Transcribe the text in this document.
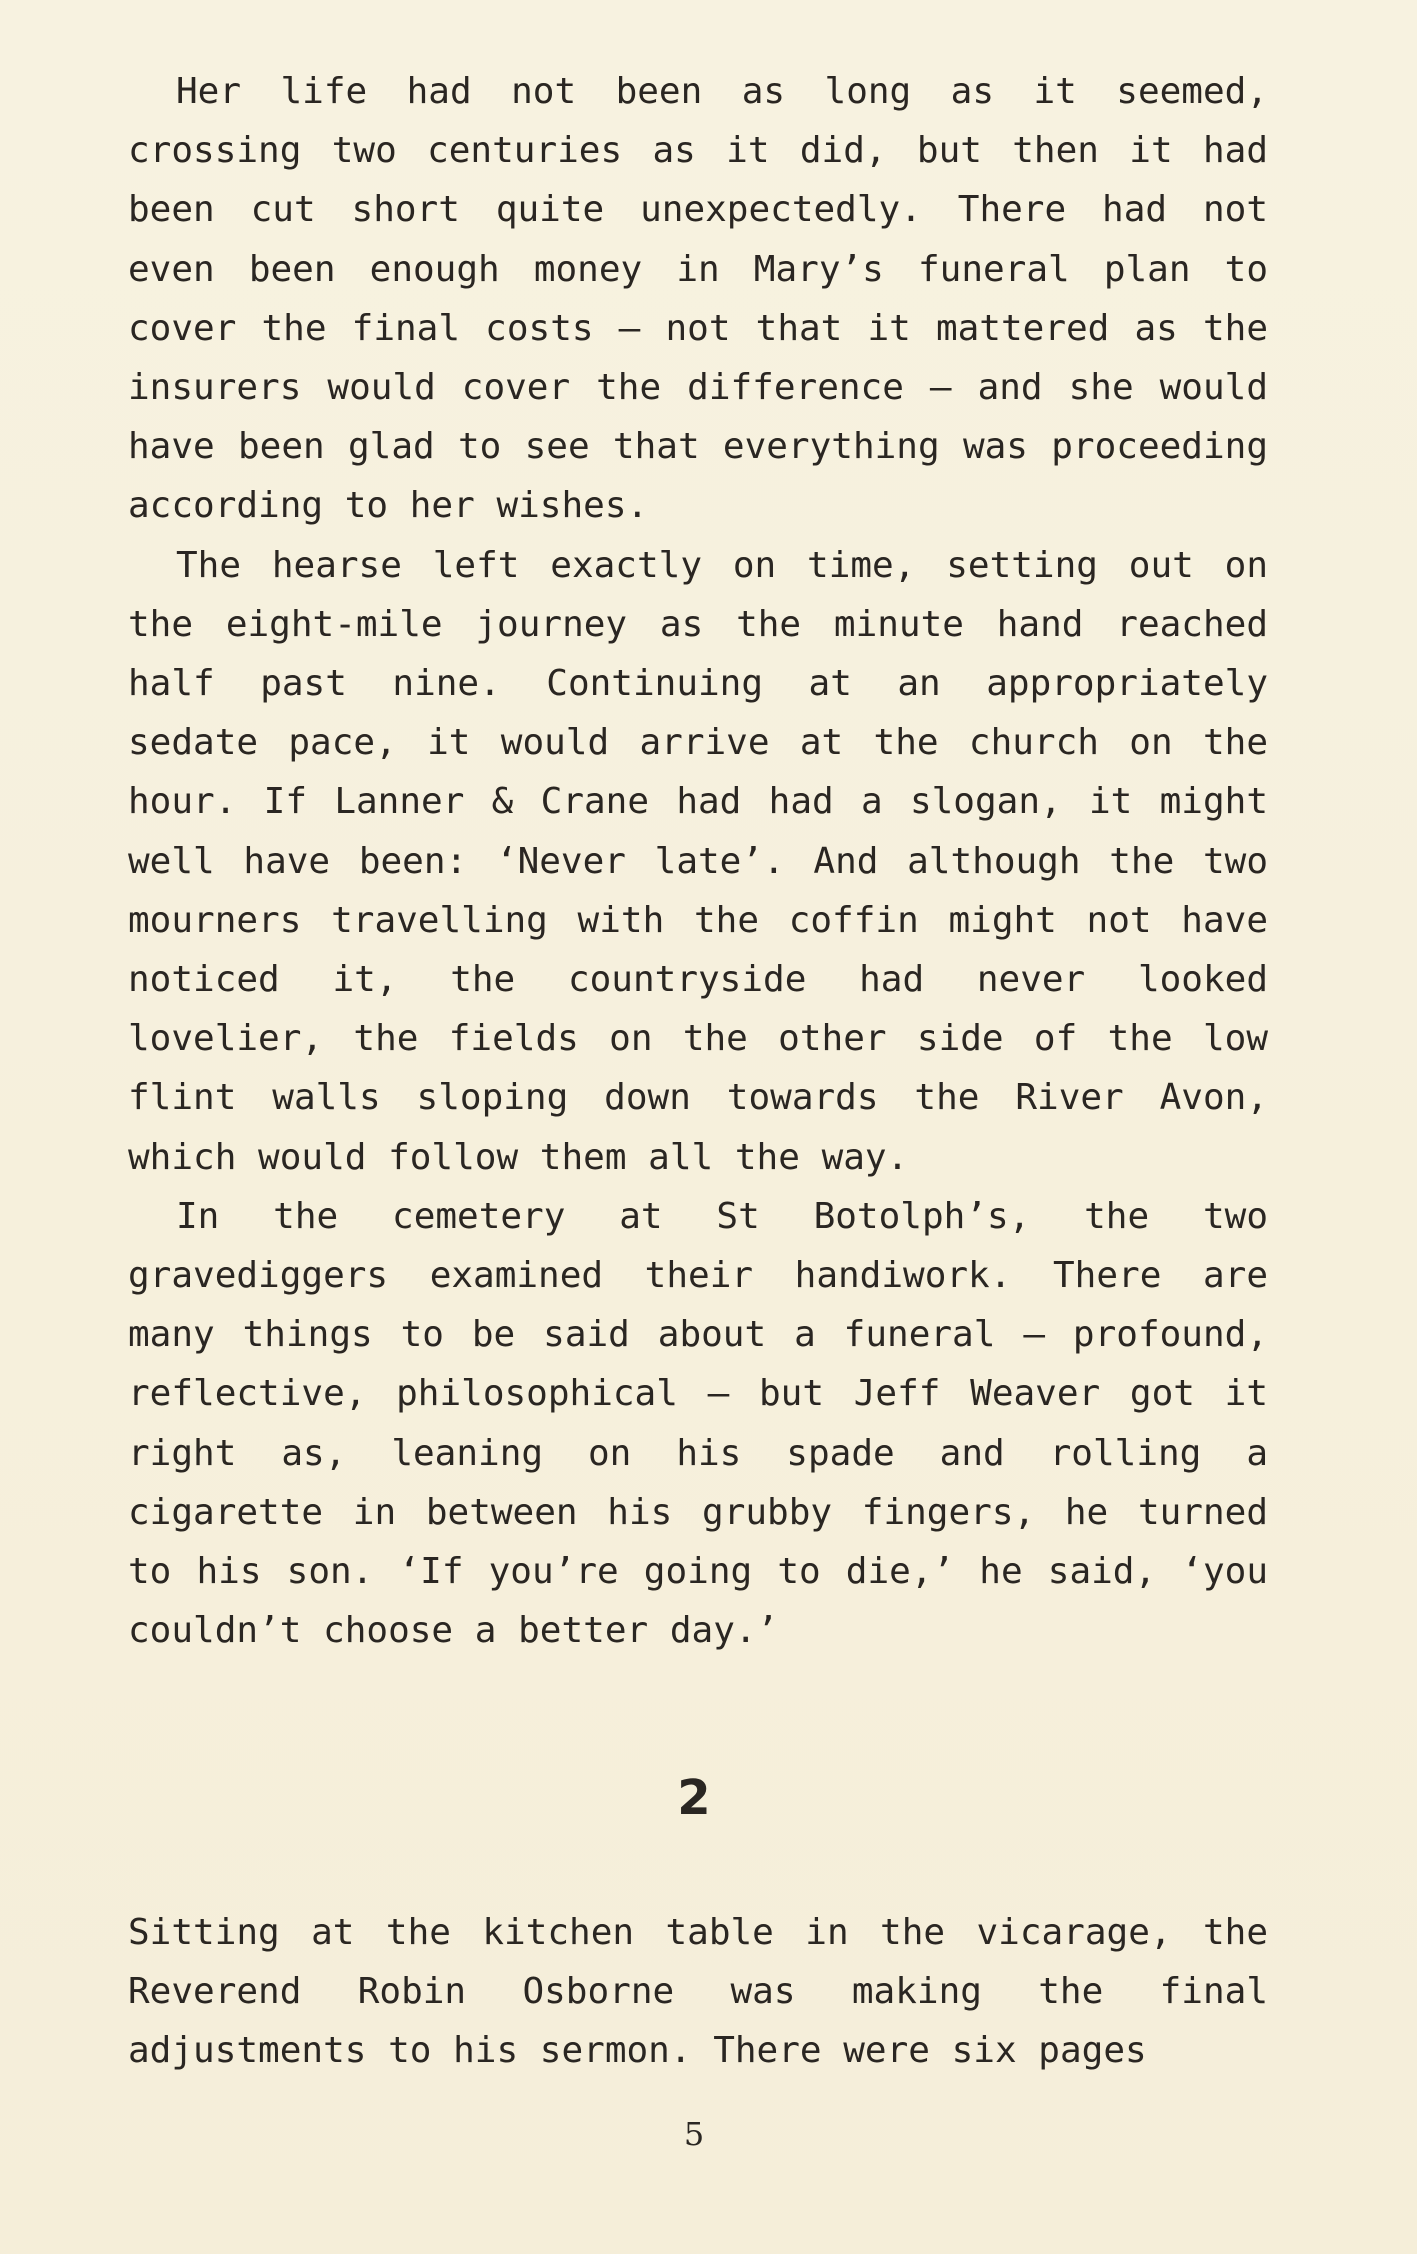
Her life had not been as long as it seemed, crossing two centuries as it did, but then it had been cut short quite unexpectedly. There had not even been enough money in Mary’s funeral plan to cover the final costs – not that it mattered as the insurers would cover the difference – and she would have been glad to see that everything was proceeding according to her wishes.

The hearse left exactly on time, setting out on the eight-mile journey as the minute hand reached half past nine. Continuing at an appropriately sedate pace, it would arrive at the church on the hour. If Lanner & Crane had had a slogan, it might well have been: ‘Never late’. And although the two mourners travelling with the coffin might not have noticed it, the countryside had never looked lovelier, the fields on the other side of the low flint walls sloping down towards the River Avon, which would follow them all the way.

In the cemetery at St Botolph’s, the two gravediggers examined their handiwork. There are many things to be said about a funeral – profound, reflective, philosophical – but Jeff Weaver got it right as, leaning on his spade and rolling a cigarette in between his grubby fingers, he turned to his son. ‘If you’re going to die,’ he said, ‘you couldn’t choose a better day.’

2

Sitting at the kitchen table in the vicarage, the Reverend Robin Osborne was making the final adjustments to his sermon. There were six pages

5
